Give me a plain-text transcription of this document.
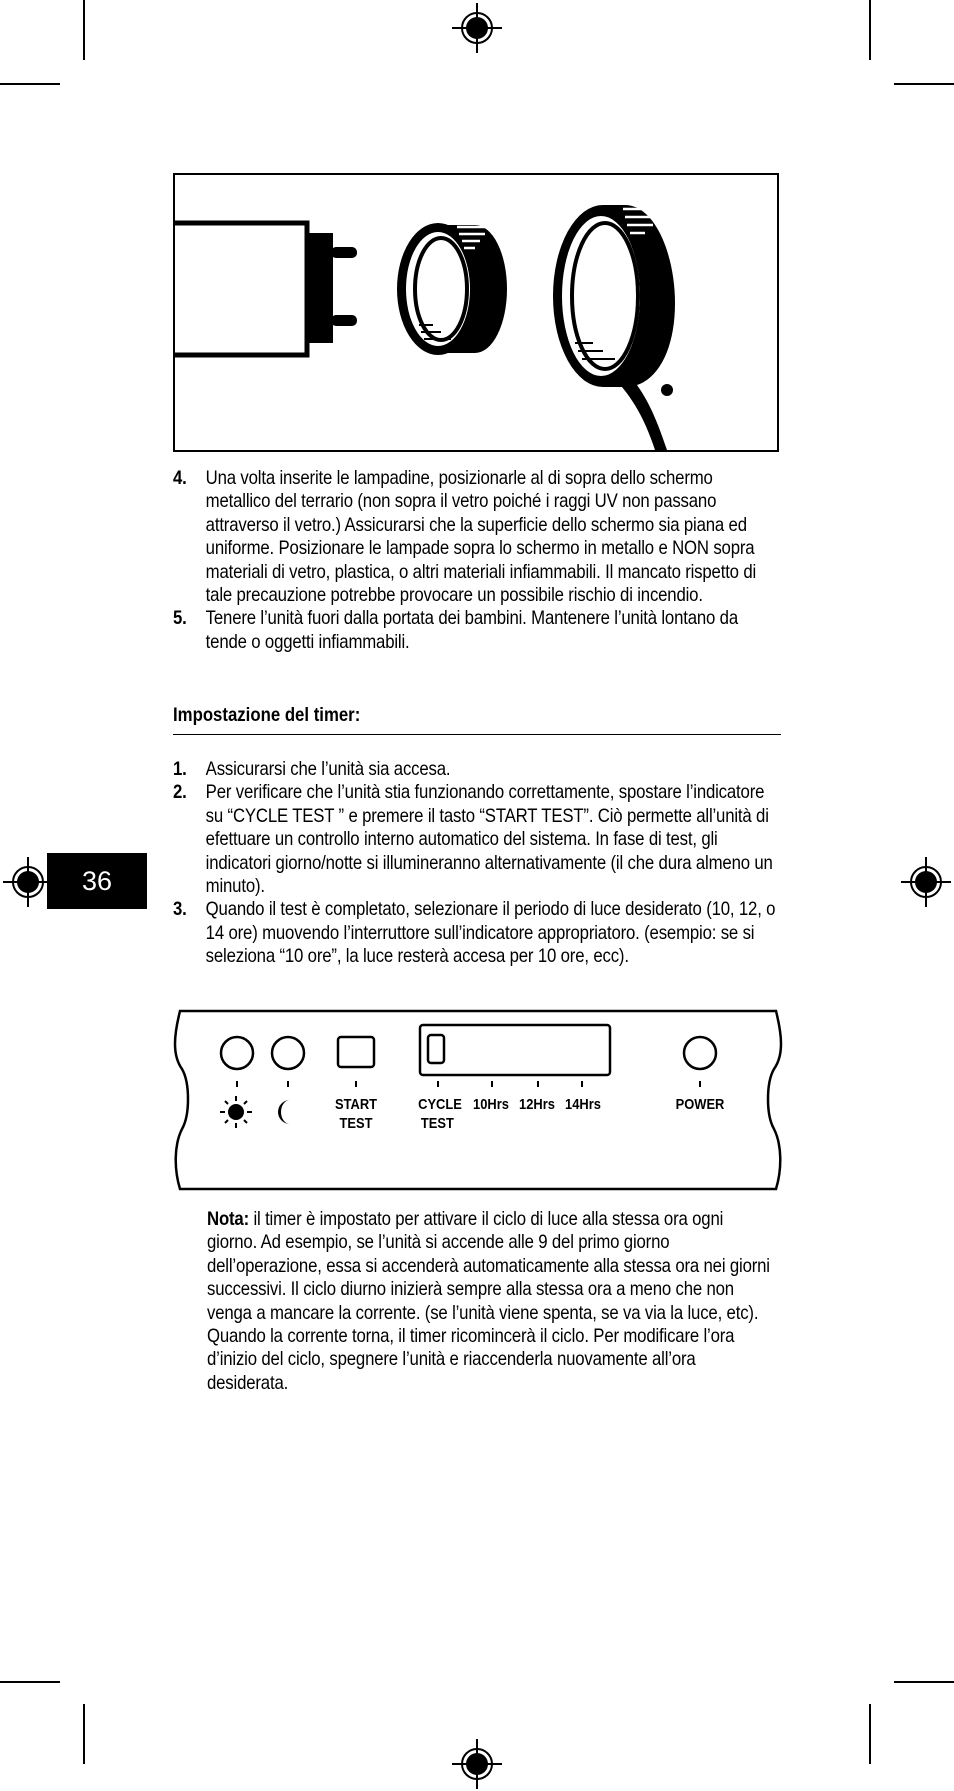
36
4. Una volta inserite le lampadine, posizionarle al di sopra dello schermo metallico del terrario (non sopra il vetro poiché i raggi UV non passano attraverso il vetro.) Assicurarsi che la superficie dello schermo sia piana ed uniforme. Posizionare le lampade sopra lo schermo in metallo e NON sopra materiali di vetro, plastica, o altri materiali infiammabili. Il mancato rispetto di tale precauzione potrebbe provocare un possibile rischio di incendio.
5. Tenere l’unità fuori dalla portata dei bambini. Mantenere l’unità lontano da tende o oggetti infiammabili.
Impostazione del timer:
1. Assicurarsi che l’unità sia accesa.
2. Per verificare che l’unità stia funzionando correttamente, spostare l’indicatore su “CYCLE TEST ” e premere il tasto “START TEST”. Ciò permette all’unità di efettuare un controllo interno automatico del sistema. In fase di test, gli indicatori giorno/notte si illumineranno alternativamente (il che dura almeno un minuto).
3. Quando il test è completato, selezionare il periodo di luce desiderato (10, 12, o 14 ore) muovendo l’interruttore sull’indicatore appropriatoro. (esempio: se si seleziona “10 ore”, la luce resterà accesa per 10 ore, ecc).
START
TEST
CYCLE
TEST
10Hrs 12Hrs 14Hrs	POWER
Nota: il timer è impostato per attivare il ciclo di luce alla stessa ora ogni giorno. Ad esempio, se l’unità si accende alle 9 del primo giorno dell’operazione, essa si accenderà automaticamente alla stessa ora nei giorni successivi. Il ciclo diurno inizierà sempre alla stessa ora a meno che non venga a mancare la corrente. (se l’unità viene spenta, se va via la luce, etc). Quando la corrente torna, il timer ricomincerà il ciclo. Per modificare l’ora d’inizio del ciclo, spegnere l’unità e riaccenderla nuovamente all’ora desiderata.
